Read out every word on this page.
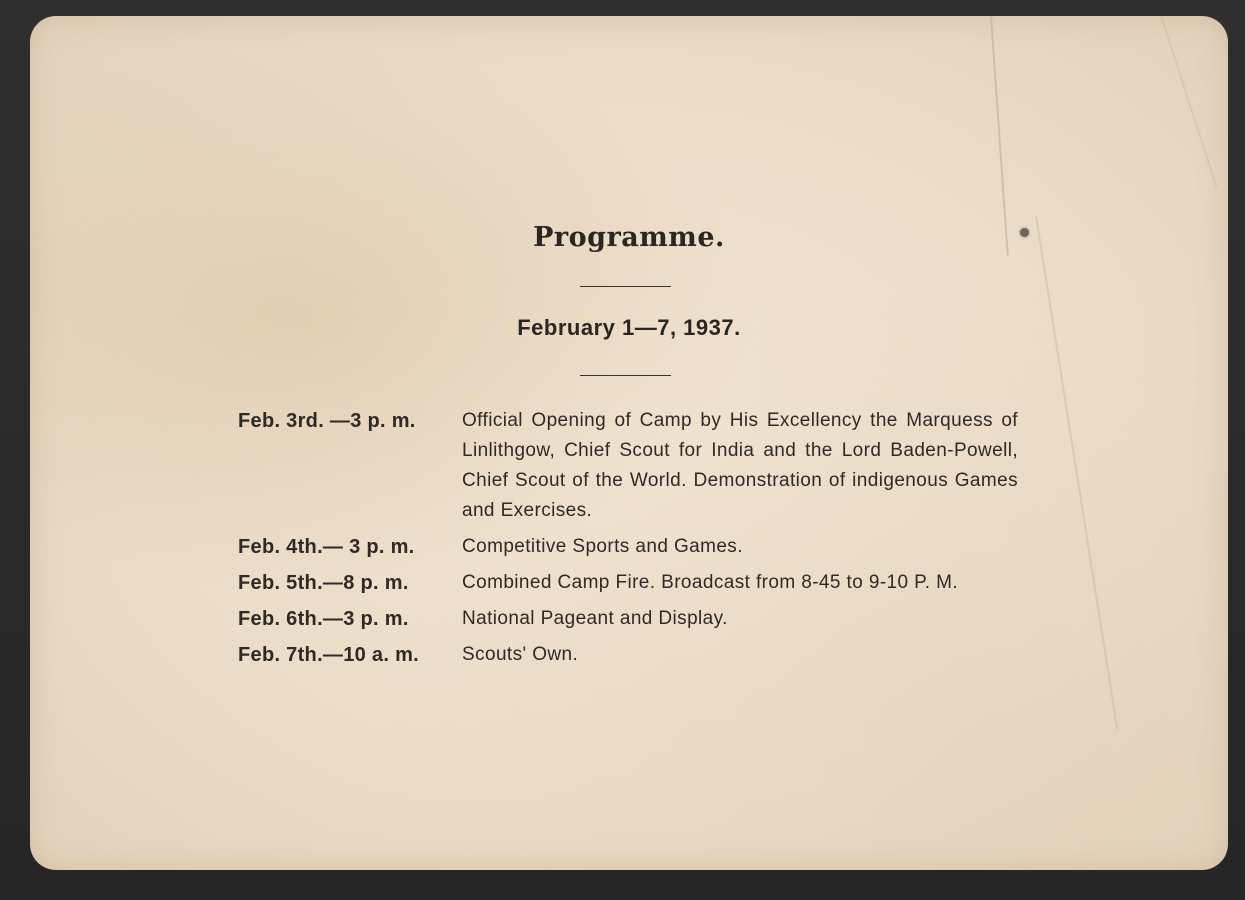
Programme.
February 1—7, 1937.
Feb. 3rd. —3 p. m.	Official Opening of Camp by His Excellency the Marquess of Linlithgow, Chief Scout for India and the Lord Baden-Powell, Chief Scout of the World. Demonstration of indigenous Games and Exercises.
Feb. 4th.— 3 p. m.	Competitive Sports and Games.
Feb. 5th.—8 p. m.	Combined Camp Fire. Broadcast from 8-45 to 9-10 P. M.
Feb. 6th.—3 p. m.	National Pageant and Display.
Feb. 7th.—10 a. m.	Scouts' Own.
